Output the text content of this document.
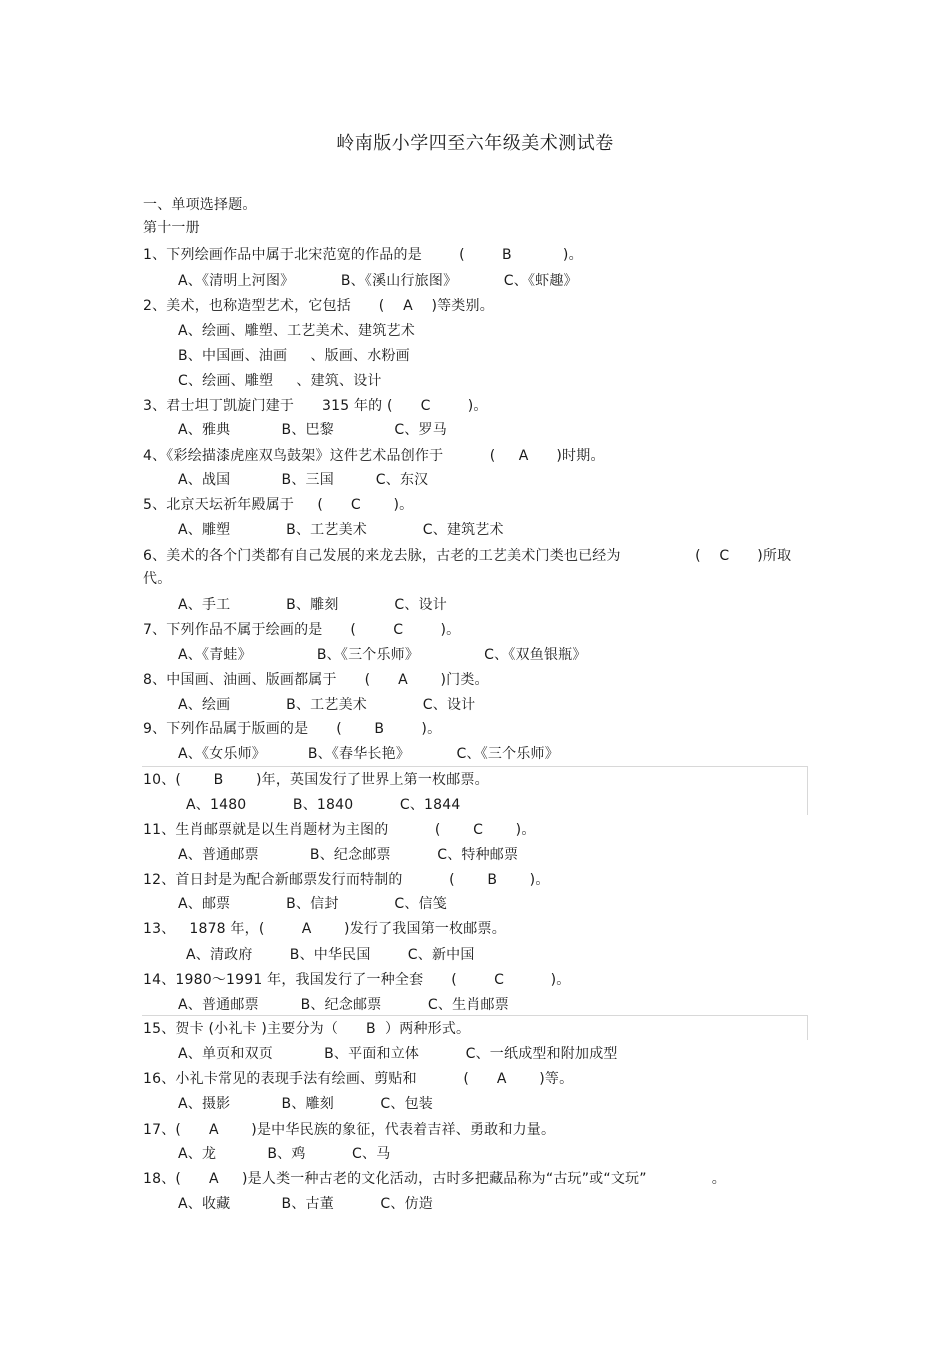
岭南版小学四至六年级美术测试卷
一、单项选择题。
第十一册
1、下列绘画作品中属于北宋范宽的作品的是        (        B           )。
A、《清明上河图》          B、《溪山行旅图》          C、《虾趣》
2、美术，也称造型艺术，它包括      (    A    )等类别。
A、绘画、雕塑、工艺美术、建筑艺术
B、中国画、油画     、版画、水粉画
C、绘画、雕塑     、建筑、设计
3、君士坦丁凯旋门建于      315 年的 (      C        )。
A、雅典           B、巴黎             C、罗马
4、《彩绘描漆虎座双鸟鼓架》这件艺术品创作于          (     A      )时期。
A、战国           B、三国         C、东汉
5、北京天坛祈年殿属于     (      C       )。
A、雕塑            B、工艺美术            C、建筑艺术
6、美术的各个门类都有自己发展的来龙去脉，古老的工艺美术门类也已经为                (    C      )所取
代。
A、手工            B、雕刻            C、设计
7、下列作品不属于绘画的是      (        C        )。
A、《青蛙》              B、《三个乐师》              C、《双鱼银瓶》
8、中国画、油画、版画都属于      (      A       )门类。
A、绘画            B、工艺美术            C、设计
9、下列作品属于版画的是      (       B        )。
A、《女乐师》         B、《春华长艳》          C、《三个乐师》
10、(       B       )年，英国发行了世界上第一枚邮票。
A、1480          B、1840          C、1844
11、生肖邮票就是以生肖题材为主图的          (       C       )。
A、普通邮票           B、纪念邮票          C、特种邮票
12、首日封是为配合新邮票发行而特制的          (       B       )。
A、邮票            B、信封            C、信笺
13、   1878 年，(        A       )发行了我国第一枚邮票。
A、清政府        B、中华民国        C、新中国
14、1980～1991 年，我国发行了一种全套      (        C          )。
A、普通邮票         B、纪念邮票          C、生肖邮票
15、贺卡 (小礼卡 )主要分为（      B  ）两种形式。
A、单页和双页           B、平面和立体          C、一纸成型和附加成型
16、小礼卡常见的表现手法有绘画、剪贴和          (      A       )等。
A、摄影           B、雕刻          C、包装
17、(      A       )是中华民族的象征，代表着吉祥、勇敢和力量。
A、龙           B、鸡          C、马
18、(      A     )是人类一种古老的文化活动，古时多把藏品称为“古玩”或“文玩”              。
A、收藏           B、古董          C、仿造
